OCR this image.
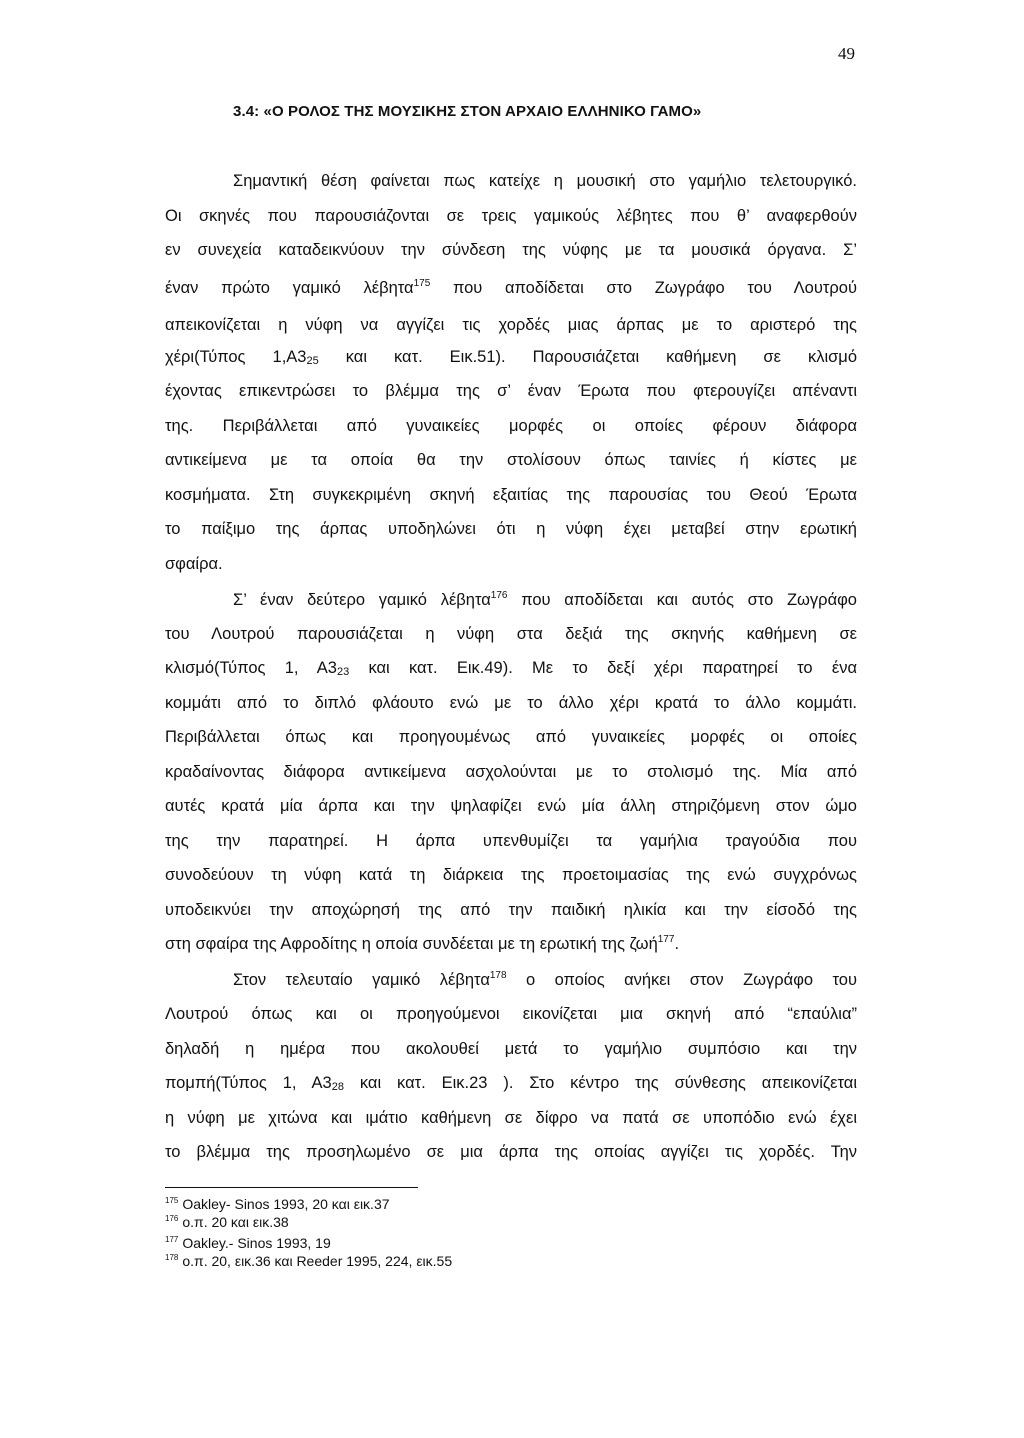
49
3.4: «Ο ΡΟΛΟΣ ΤΗΣ ΜΟΥΣΙΚΗΣ ΣΤΟΝ ΑΡΧΑΙΟ ΕΛΛΗΝΙΚΟ ΓΑΜΟ»
Σημαντική θέση φαίνεται πως κατείχε η μουσική στο γαμήλιο τελετουργικό.
Οι σκηνές που παρουσιάζονται σε τρεις γαμικούς λέβητες που θ’ αναφερθούν
εν συνεχεία καταδεικνύουν την σύνδεση της νύφης με τα μουσικά όργανα. Σ’
έναν πρώτο γαμικό λέβητα$^{175}$ που αποδίδεται στο Ζωγράφο του Λουτρού
απεικονίζεται η νύφη να αγγίζει τις χορδές μιας άρπας με το αριστερό της
χέρι(Τύπος $1,A3_{25}$ και κατ. Εικ.51). Παρουσιάζεται καθήμενη σε κλισμό
έχοντας επικεντρώσει το βλέμμα της σ’ έναν Έρωτα που φτερουγίζει απέναντι
της. Περιβάλλεται από γυναικείες μορφές οι οποίες φέρουν διάφορα
αντικείμενα με τα οποία θα την στολίσουν όπως ταινίες ή κίστες με
κοσμήματα. Στη συγκεκριμένη σκηνή εξαιτίας της παρουσίας του Θεού Έρωτα
το παίξιμο της άρπας υποδηλώνει ότι η νύφη έχει μεταβεί στην ερωτική
σφαίρα.
Σ’ έναν δεύτερο γαμικό λέβητα$^{176}$ που αποδίδεται και αυτός στο Ζωγράφο
του Λουτρού παρουσιάζεται η νύφη στα δεξιά της σκηνής καθήμενη σε
κλισμό(Τύπος 1, $A3_{23}$ και κατ. Εικ.49). Με το δεξί χέρι παρατηρεί το ένα
κομμάτι από το διπλό φλάουτο ενώ με το άλλο χέρι κρατά το άλλο κομμάτι.
Περιβάλλεται όπως και προηγουμένως από γυναικείες μορφές οι οποίες
κραδαίνοντας διάφορα αντικείμενα ασχολούνται με το στολισμό της. Μία από
αυτές κρατά μία άρπα και την ψηλαφίζει ενώ μία άλλη στηριζόμενη στον ώμο
της την παρατηρεί. Η άρπα υπενθυμίζει τα γαμήλια τραγούδια που
συνοδεύουν τη νύφη κατά τη διάρκεια της προετοιμασίας της ενώ συγχρόνως
υποδεικνύει την αποχώρησή της από την παιδική ηλικία και την είσοδό της
στη σφαίρα της Αφροδίτης η οποία συνδέεται με τη ερωτική της ζωή$^{177}$.
Στον τελευταίο γαμικό λέβητα$^{178}$ ο οποίος ανήκει στον Ζωγράφο του
Λουτρού όπως και οι προηγούμενοι εικονίζεται μια σκηνή από “επαύλια”
δηλαδή η ημέρα που ακολουθεί μετά το γαμήλιο συμπόσιο και την
πομπή(Τύπος 1, $A3_{28}$ και κατ. Εικ.23 ). Στο κέντρο της σύνθεσης απεικονίζεται
η νύφη με χιτώνα και ιμάτιο καθήμενη σε δίφρο να πατά σε υποπόδιο ενώ έχει
το βλέμμα της προσηλωμένο σε μια άρπα της οποίας αγγίζει τις χορδές. Την
$^{175}$ Oakley- Sinos 1993, 20 και εικ.37
$^{176}$ ο.π. 20 και εικ.38
$^{177}$ Oakley.- Sinos 1993, 19
$^{178}$ ο.π. 20, εικ.36 και Reeder 1995, 224, εικ.55
